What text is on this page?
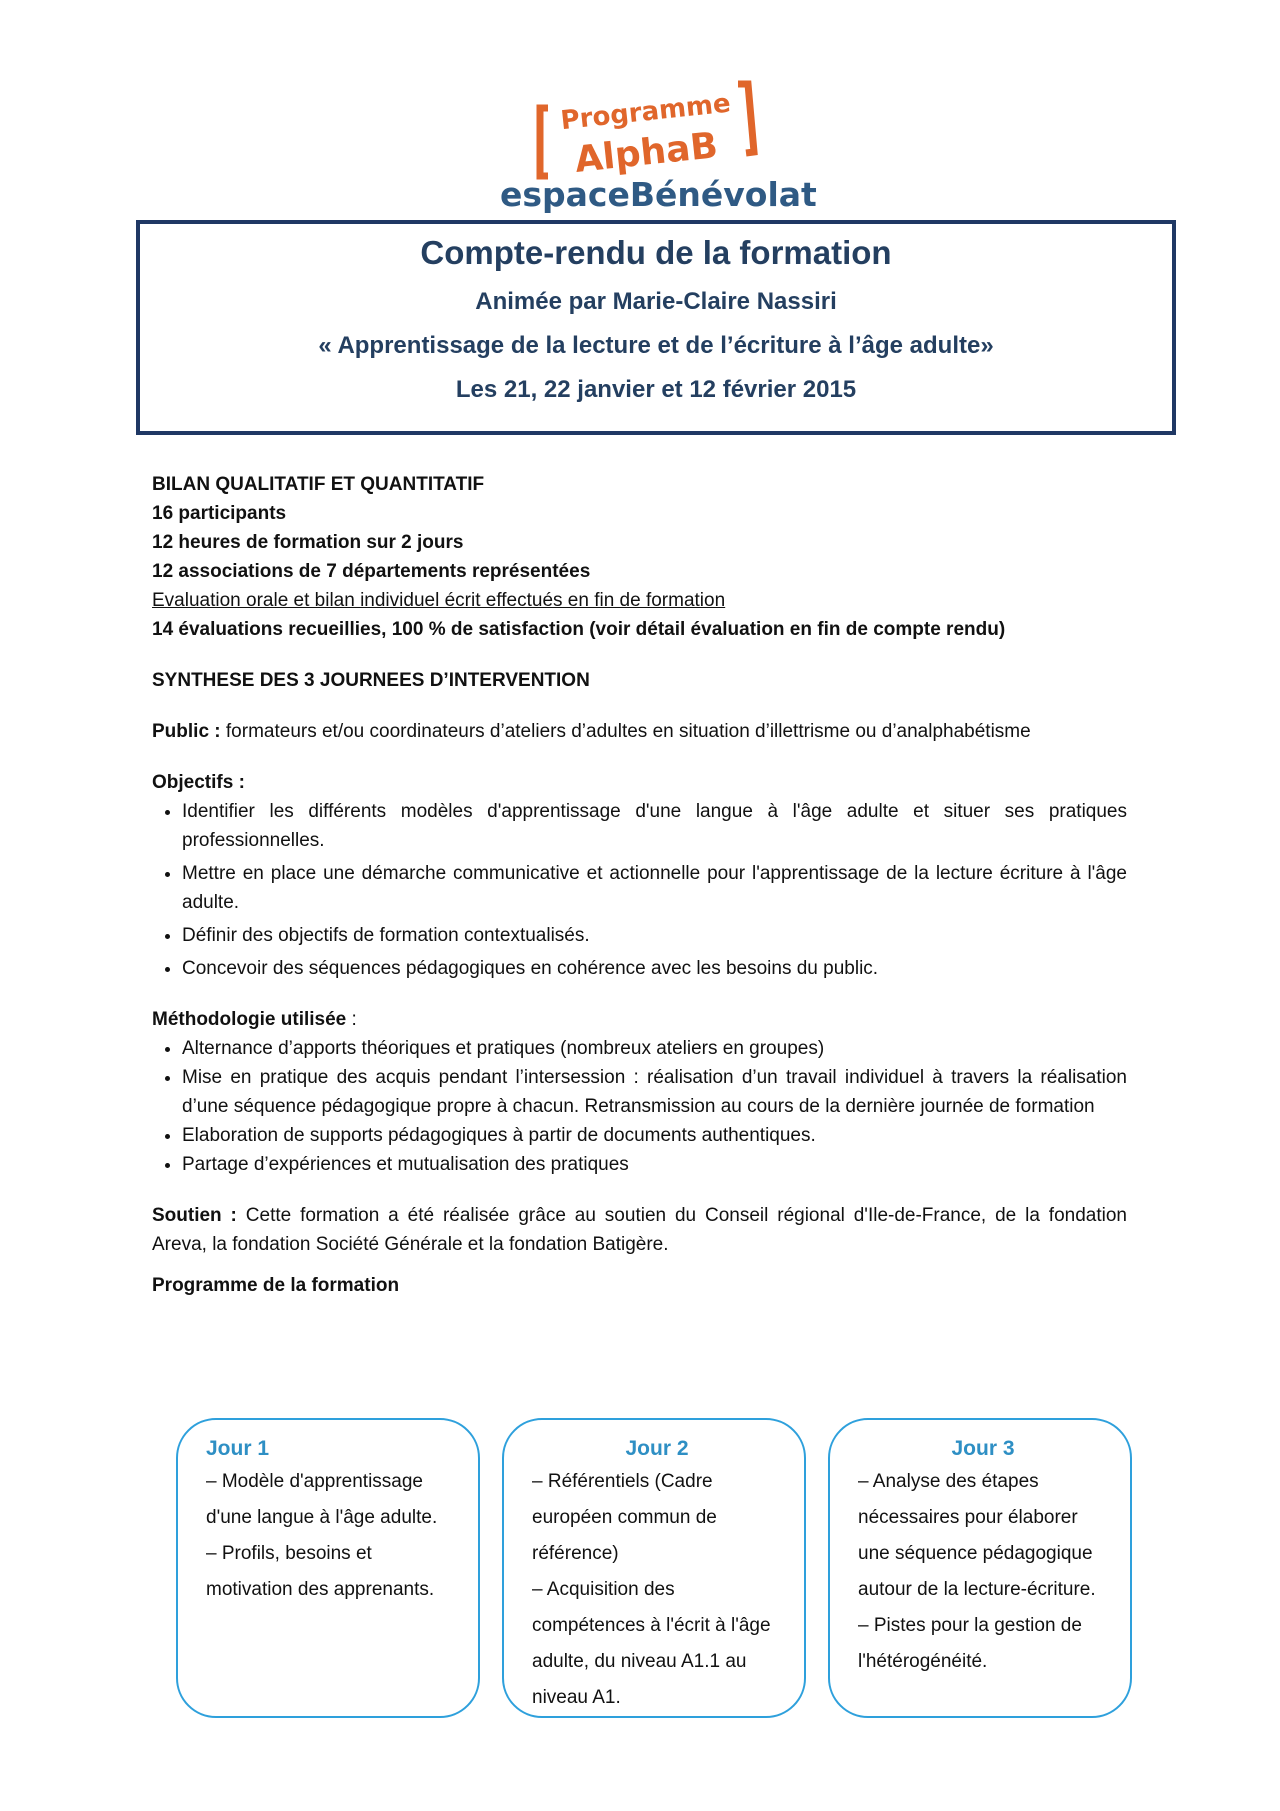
Programme
AlphaB
espaceBénévolat
Compte-rendu de la formation
Animée par Marie-Claire Nassiri
« Apprentissage de la lecture et de l’écriture à l’âge adulte»
Les 21, 22 janvier et 12 février 2015
BILAN QUALITATIF ET QUANTITATIF
16 participants
12 heures de formation sur 2 jours
12 associations de 7 départements représentées
Evaluation orale et bilan individuel écrit effectués en fin de formation
14 évaluations recueillies, 100 % de satisfaction (voir détail évaluation en fin de compte rendu)
SYNTHESE DES 3 JOURNEES D’INTERVENTION
Public : formateurs et/ou coordinateurs d’ateliers d’adultes en situation d’illettrisme ou d’analphabétisme
Objectifs :
• Identifier les différents modèles d'apprentissage d'une langue à l'âge adulte et situer ses pratiques professionnelles.
• Mettre en place une démarche communicative et actionnelle pour l'apprentissage de la lecture écriture à l'âge adulte.
• Définir des objectifs de formation contextualisés.
• Concevoir des séquences pédagogiques en cohérence avec les besoins du public.
Méthodologie utilisée :
• Alternance d’apports théoriques et pratiques (nombreux ateliers en groupes)
• Mise en pratique des acquis pendant l’intersession : réalisation d’un travail individuel à travers la réalisation d’une séquence pédagogique propre à chacun. Retransmission au cours de la dernière journée de formation
• Elaboration de supports pédagogiques à partir de documents authentiques.
• Partage d’expériences et mutualisation des pratiques
Soutien : Cette formation a été réalisée grâce au soutien du Conseil régional d'Ile-de-France, de la fondation Areva, la fondation Société Générale et la fondation Batigère.
Programme de la formation
Jour 1
– Modèle d'apprentissage d'une langue à l'âge adulte.
– Profils, besoins et motivation des apprenants.
Jour 2
– Référentiels (Cadre européen commun de référence)
– Acquisition des compétences à l'écrit à l'âge adulte, du niveau A1.1 au niveau A1.
Jour 3
– Analyse des étapes nécessaires pour élaborer une séquence pédagogique autour de la lecture-écriture.
– Pistes pour la gestion de l'hétérogénéité.
